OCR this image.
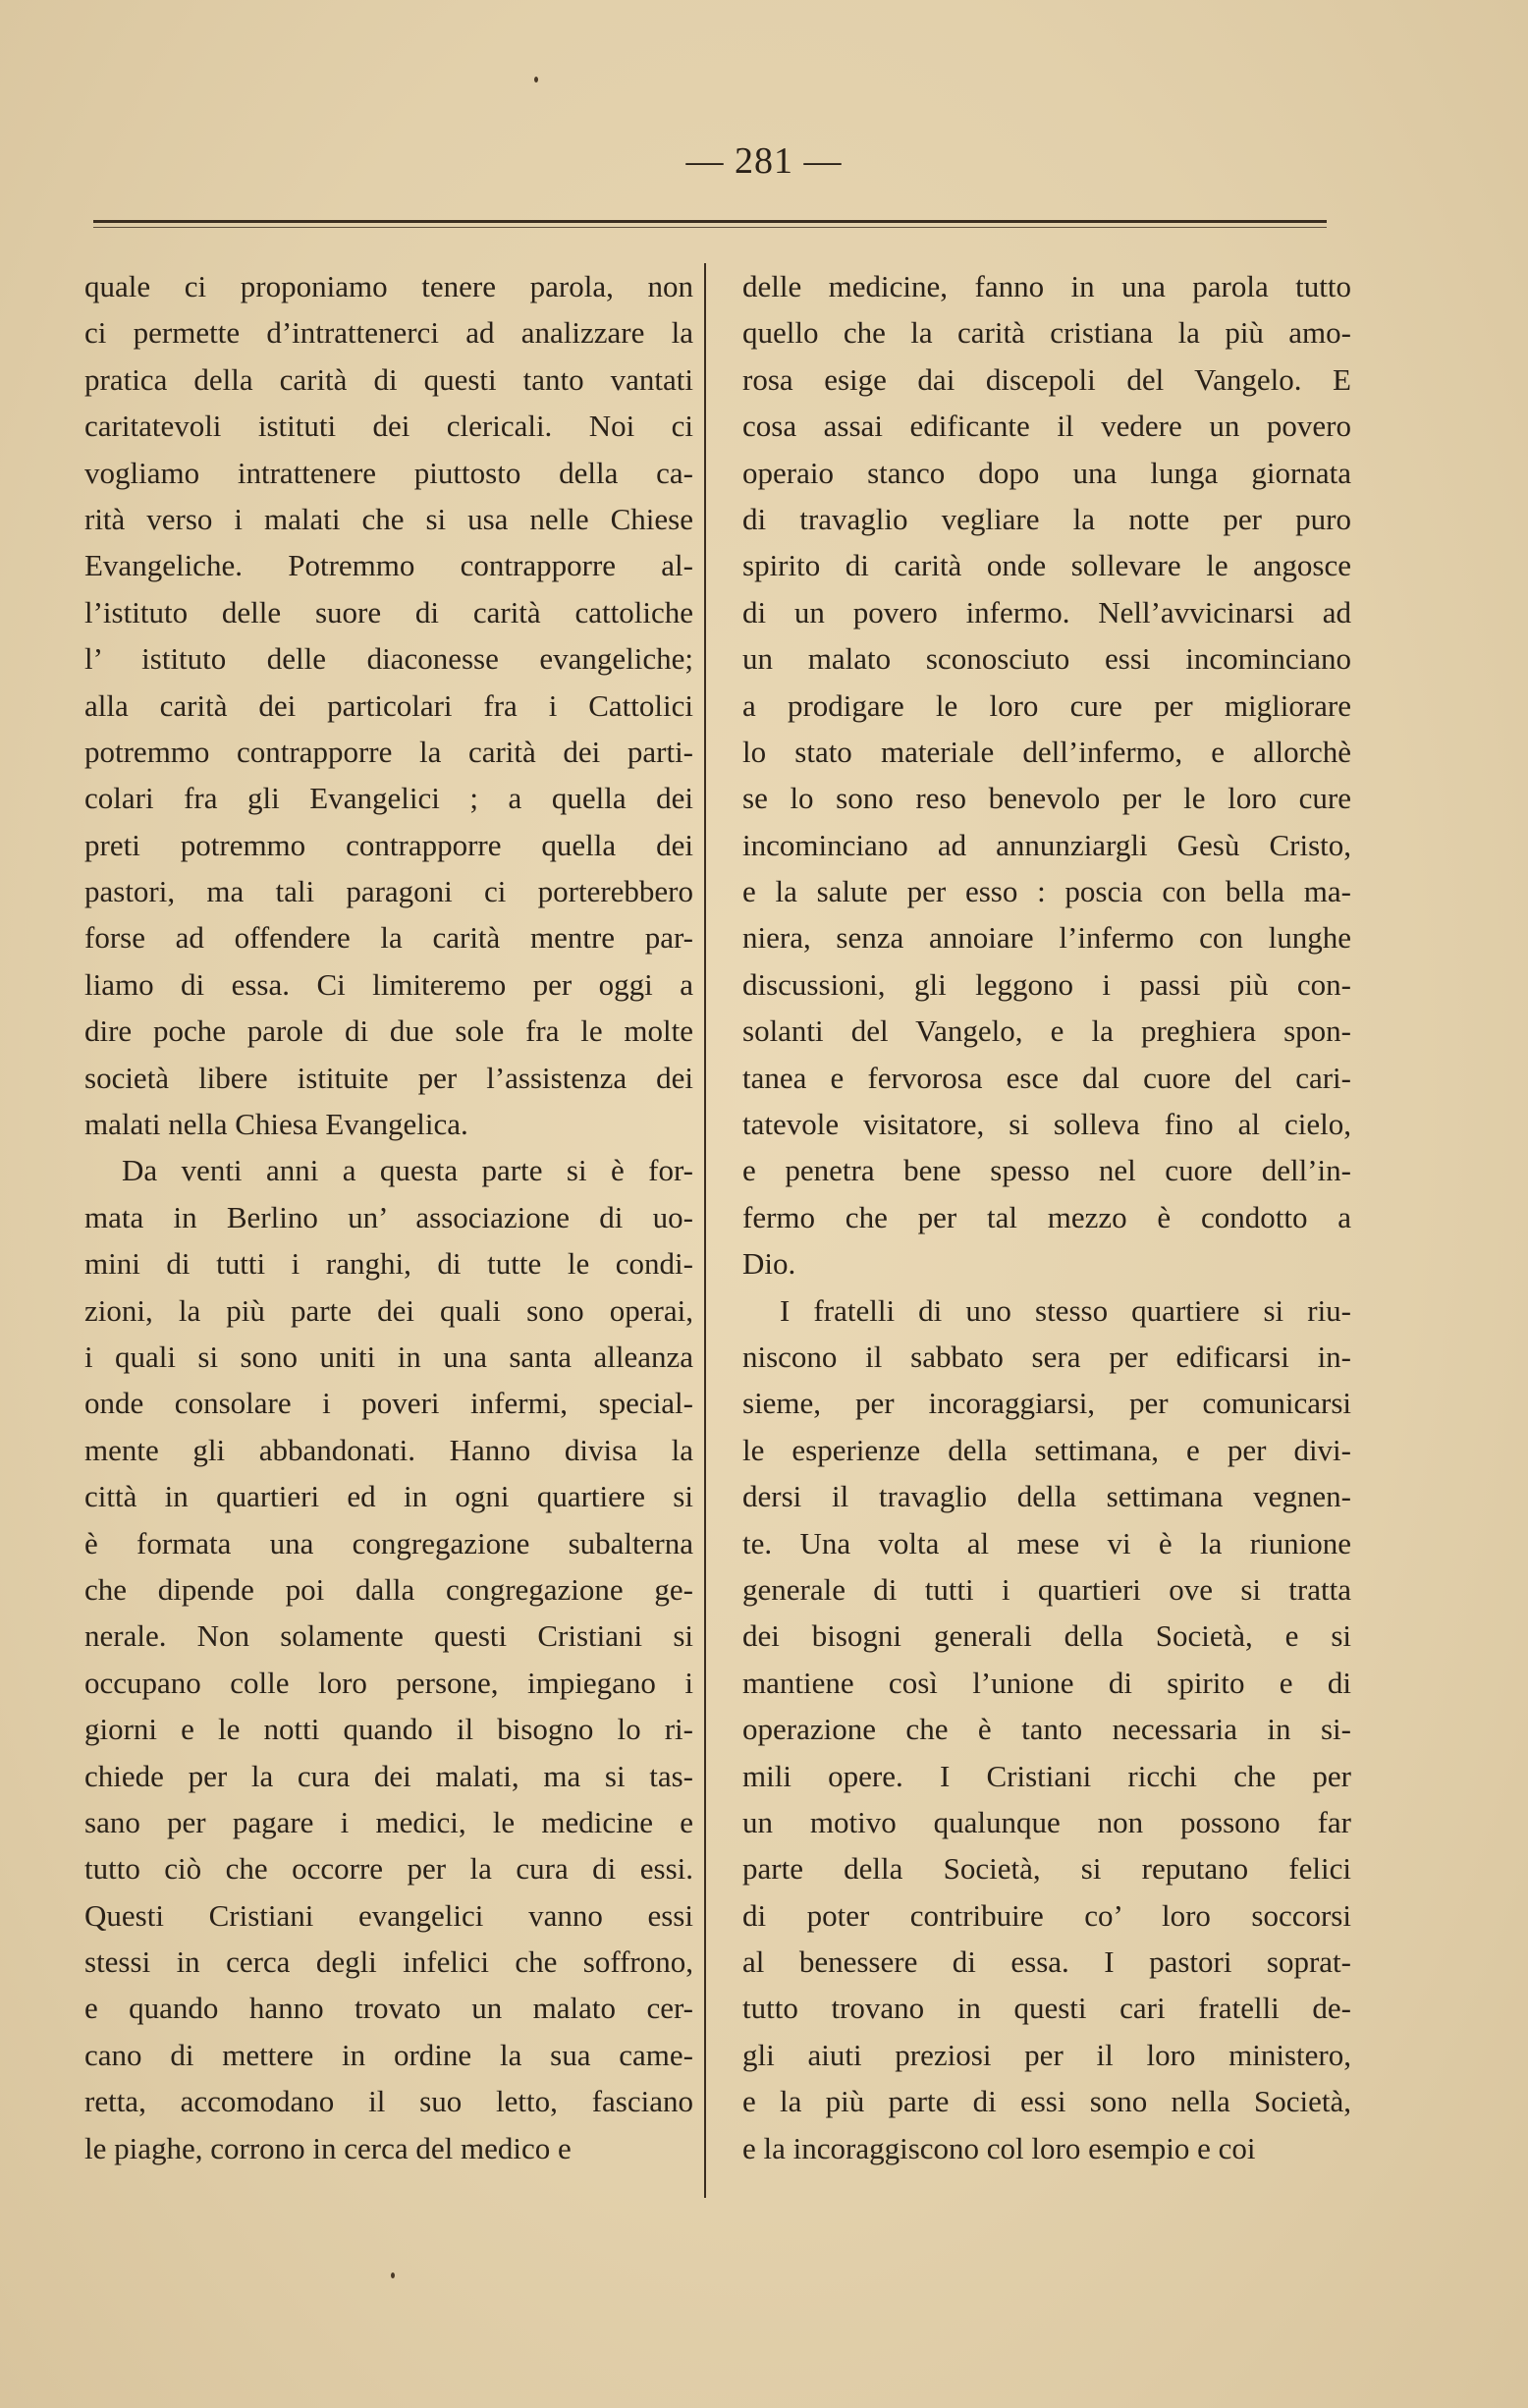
— 281 —
quale ci proponiamo tenere parola, non
ci permette d’intrattenerci ad analizzare la
pratica della carità di questi tanto vantati
caritatevoli istituti dei clericali. Noi ci
vogliamo intrattenere piuttosto della ca-
rità verso i malati che si usa nelle Chiese
Evangeliche. Potremmo contrapporre al-
l’istituto delle suore di carità cattoliche
l’ istituto delle diaconesse evangeliche;
alla carità dei particolari fra i Cattolici
potremmo contrapporre la carità dei parti-
colari fra gli Evangelici ; a quella dei
preti potremmo contrapporre quella dei
pastori, ma tali paragoni ci porterebbero
forse ad offendere la carità mentre par-
liamo di essa. Ci limiteremo per oggi a
dire poche parole di due sole fra le molte
società libere istituite per l’assistenza dei
malati nella Chiesa Evangelica.
Da venti anni a questa parte si è for-
mata in Berlino un’ associazione di uo-
mini di tutti i ranghi, di tutte le condi-
zioni, la più parte dei quali sono operai,
i quali si sono uniti in una santa alleanza
onde consolare i poveri infermi, special-
mente gli abbandonati. Hanno divisa la
città in quartieri ed in ogni quartiere si
è formata una congregazione subalterna
che dipende poi dalla congregazione ge-
nerale. Non solamente questi Cristiani si
occupano colle loro persone, impiegano i
giorni e le notti quando il bisogno lo ri-
chiede per la cura dei malati, ma si tas-
sano per pagare i medici, le medicine e
tutto ciò che occorre per la cura di essi.
Questi Cristiani evangelici vanno essi
stessi in cerca degli infelici che soffrono,
e quando hanno trovato un malato cer-
cano di mettere in ordine la sua came-
retta, accomodano il suo letto, fasciano
le piaghe, corrono in cerca del medico e
delle medicine, fanno in una parola tutto
quello che la carità cristiana la più amo-
rosa esige dai discepoli del Vangelo. E
cosa assai edificante il vedere un povero
operaio stanco dopo una lunga giornata
di travaglio vegliare la notte per puro
spirito di carità onde sollevare le angosce
di un povero infermo. Nell’avvicinarsi ad
un malato sconosciuto essi incominciano
a prodigare le loro cure per migliorare
lo stato materiale dell’infermo, e allorchè
se lo sono reso benevolo per le loro cure
incominciano ad annunziargli Gesù Cristo,
e la salute per esso : poscia con bella ma-
niera, senza annoiare l’infermo con lunghe
discussioni, gli leggono i passi più con-
solanti del Vangelo, e la preghiera spon-
tanea e fervorosa esce dal cuore del cari-
tatevole visitatore, si solleva fino al cielo,
e penetra bene spesso nel cuore dell’in-
fermo che per tal mezzo è condotto a
Dio.
I fratelli di uno stesso quartiere si riu-
niscono il sabbato sera per edificarsi in-
sieme, per incoraggiarsi, per comunicarsi
le esperienze della settimana, e per divi-
dersi il travaglio della settimana vegnen-
te. Una volta al mese vi è la riunione
generale di tutti i quartieri ove si tratta
dei bisogni generali della Società, e si
mantiene così l’unione di spirito e di
operazione che è tanto necessaria in si-
mili opere. I Cristiani ricchi che per
un motivo qualunque non possono far
parte della Società, si reputano felici
di poter contribuire co’ loro soccorsi
al benessere di essa. I pastori soprat-
tutto trovano in questi cari fratelli de-
gli aiuti preziosi per il loro ministero,
e la più parte di essi sono nella Società,
e la incoraggiscono col loro esempio e coi
